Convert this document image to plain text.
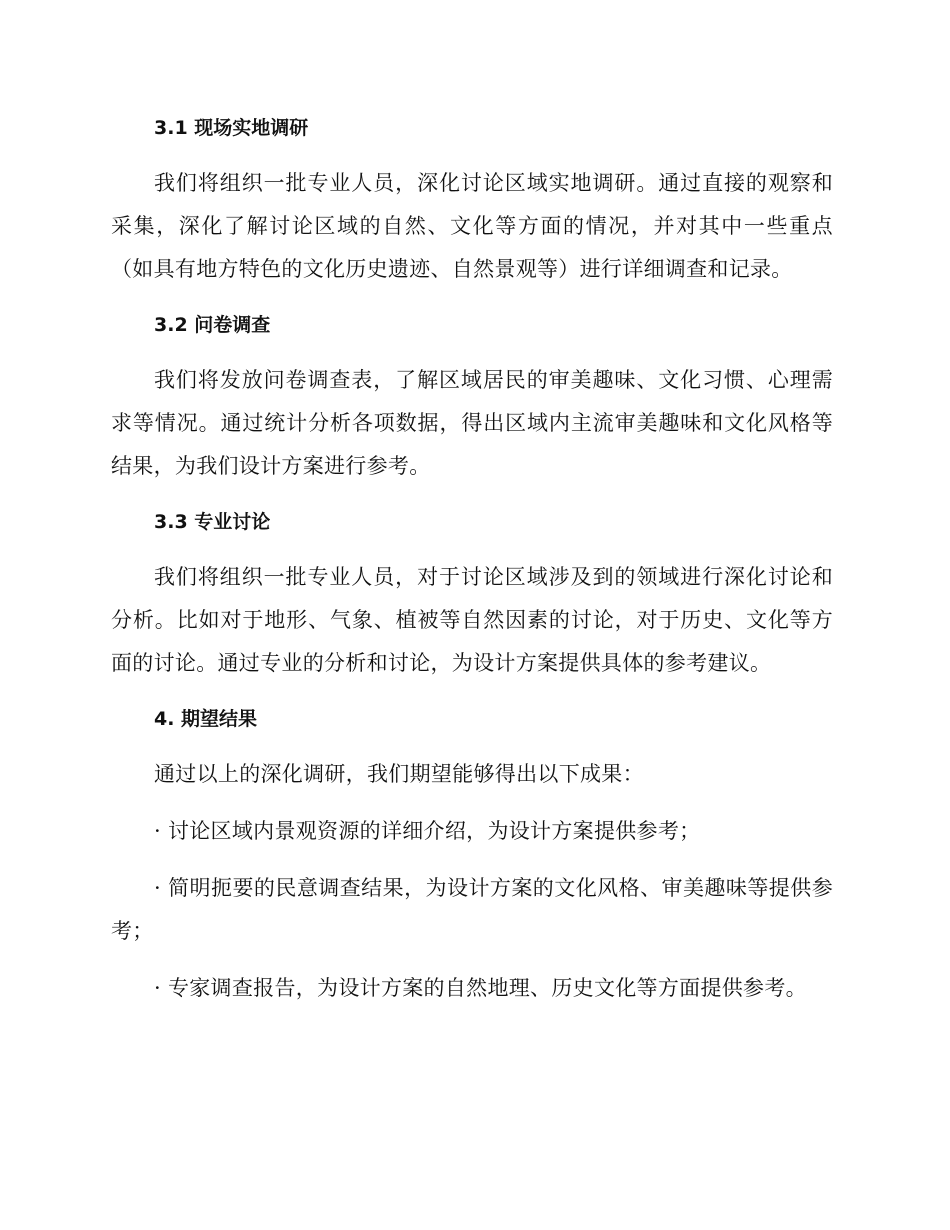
3.1 现场实地调研

我们将组织一批专业人员，深化讨论区域实地调研。通过直接的观察和采集，深化了解讨论区域的自然、文化等方面的情况，并对其中一些重点（如具有地方特色的文化历史遗迹、自然景观等）进行详细调查和记录。

3.2 问卷调查

我们将发放问卷调查表，了解区域居民的审美趣味、文化习惯、心理需求等情况。通过统计分析各项数据，得出区域内主流审美趣味和文化风格等结果，为我们设计方案进行参考。

3.3 专业讨论

我们将组织一批专业人员，对于讨论区域涉及到的领域进行深化讨论和分析。比如对于地形、气象、植被等自然因素的讨论，对于历史、文化等方面的讨论。通过专业的分析和讨论，为设计方案提供具体的参考建议。

4. 期望结果

通过以上的深化调研，我们期望能够得出以下成果：

· 讨论区域内景观资源的详细介绍，为设计方案提供参考；

· 简明扼要的民意调查结果，为设计方案的文化风格、审美趣味等提供参考；

· 专家调查报告，为设计方案的自然地理、历史文化等方面提供参考。
